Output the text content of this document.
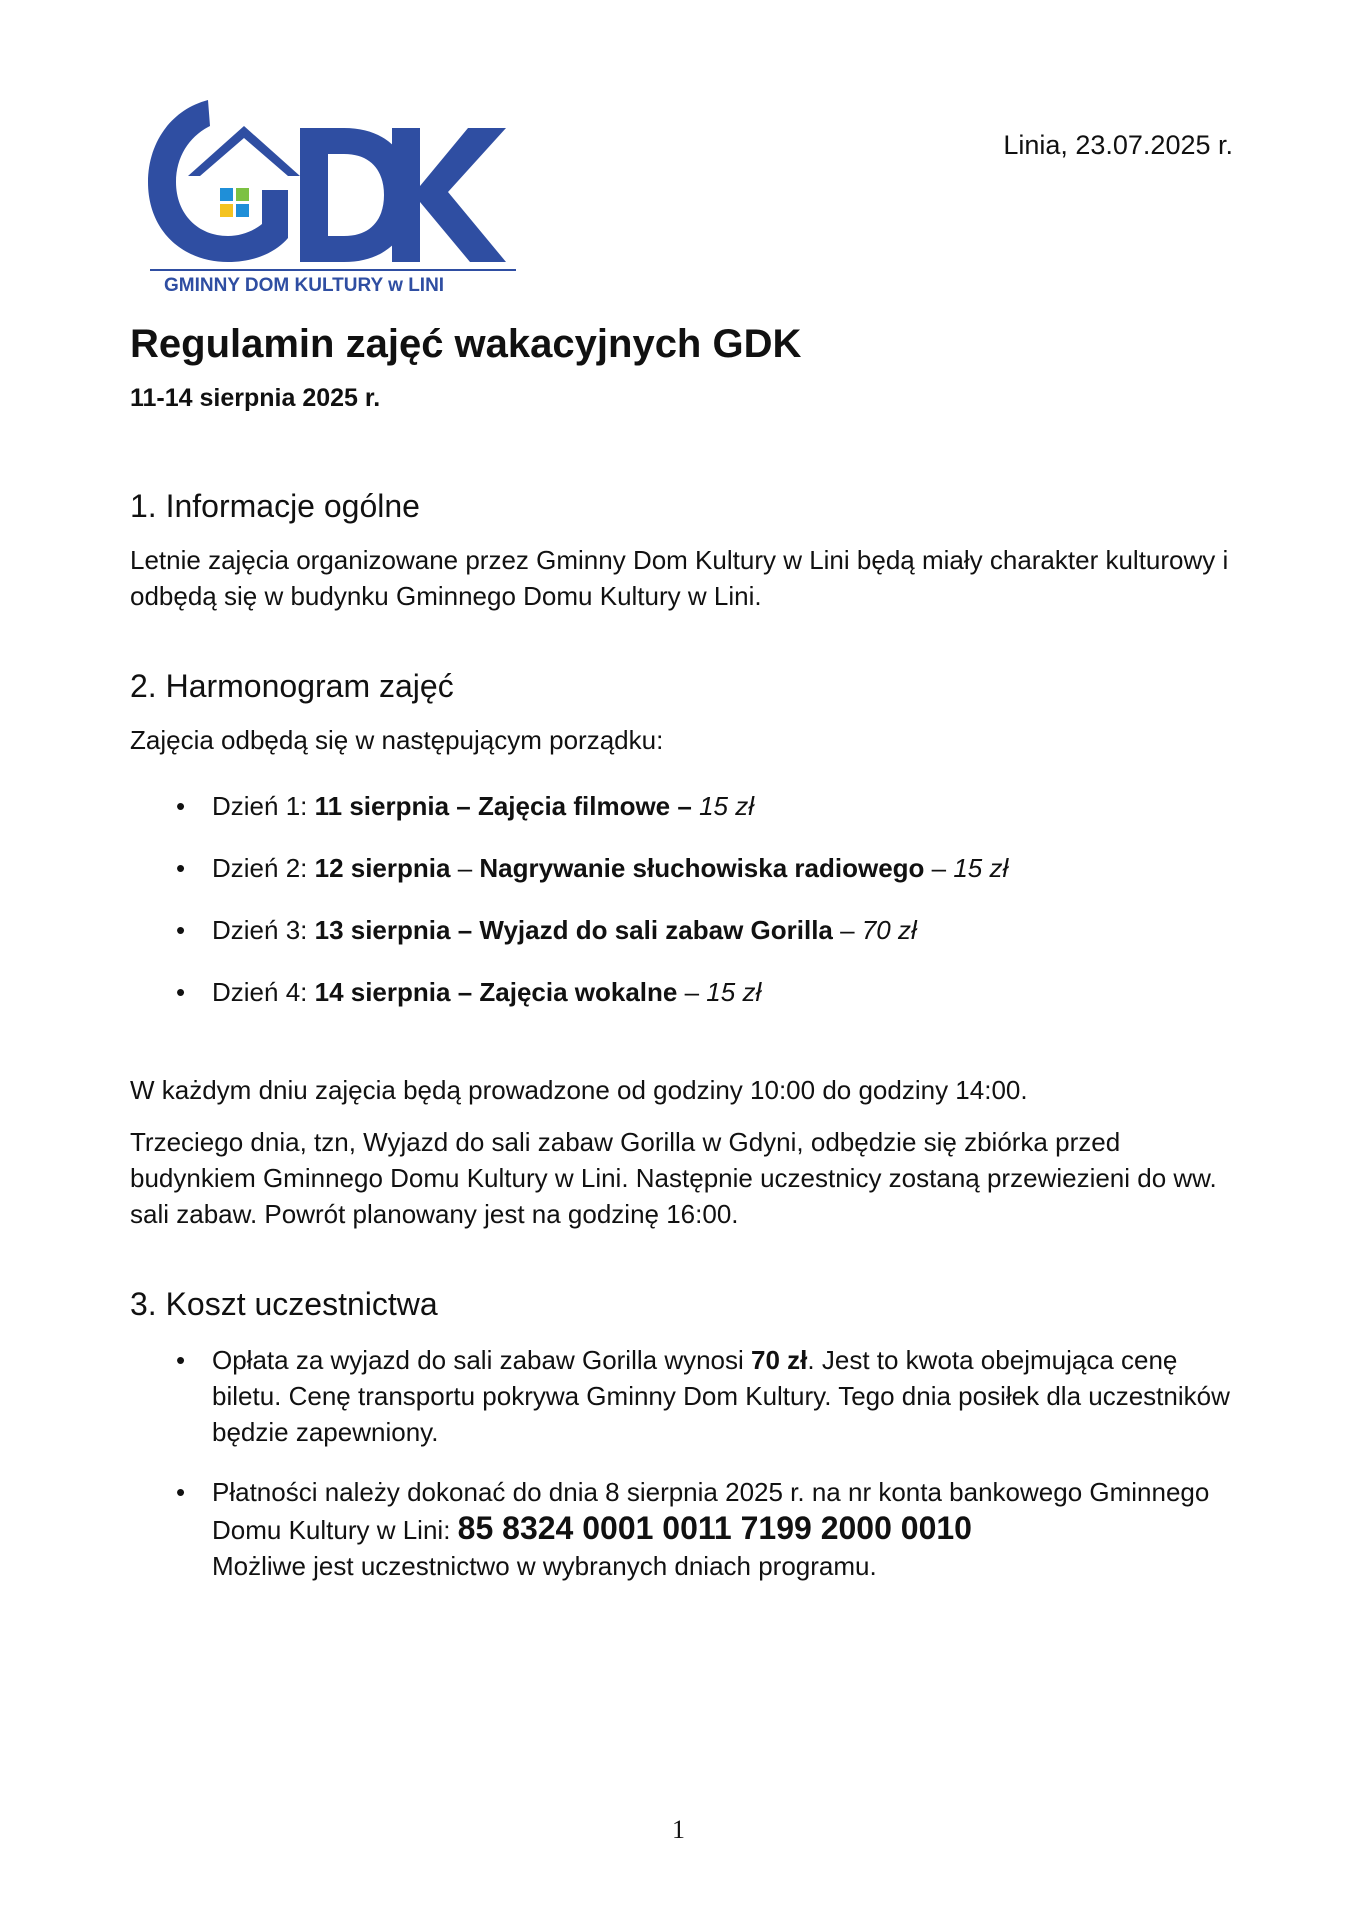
GMINNY DOM KULTURY w LINI
Linia, 23.07.2025 r.
Regulamin zajęć wakacyjnych GDK
11-14 sierpnia 2025 r.
1. Informacje ogólne

Letnie zajęcia organizowane przez Gminny Dom Kultury w Lini będą miały charakter kulturowy i odbędą się w budynku Gminnego Domu Kultury w Lini.

2. Harmonogram zajęć

Zajęcia odbędą się w następującym porządku:

• Dzień 1: 11 sierpnia – Zajęcia filmowe – 15 zł
• Dzień 2: 12 sierpnia – Nagrywanie słuchowiska radiowego – 15 zł
• Dzień 3: 13 sierpnia – Wyjazd do sali zabaw Gorilla – 70 zł
• Dzień 4: 14 sierpnia – Zajęcia wokalne – 15 zł

W każdym dniu zajęcia będą prowadzone od godziny 10:00 do godziny 14:00.

Trzeciego dnia, tzn, Wyjazd do sali zabaw Gorilla w Gdyni, odbędzie się zbiórka przed budynkiem Gminnego Domu Kultury w Lini. Następnie uczestnicy zostaną przewiezieni do ww. sali zabaw. Powrót planowany jest na godzinę 16:00.

3. Koszt uczestnictwa
• Opłata za wyjazd do sali zabaw Gorilla wynosi 70 zł. Jest to kwota obejmująca cenę biletu. Cenę transportu pokrywa Gminny Dom Kultury. Tego dnia posiłek dla uczestników będzie zapewniony.
• Płatności należy dokonać do dnia 8 sierpnia 2025 r. na nr konta bankowego Gminnego Domu Kultury w Lini: 85 8324 0001 0011 7199 2000 0010
Możliwe jest uczestnictwo w wybranych dniach programu.
1
